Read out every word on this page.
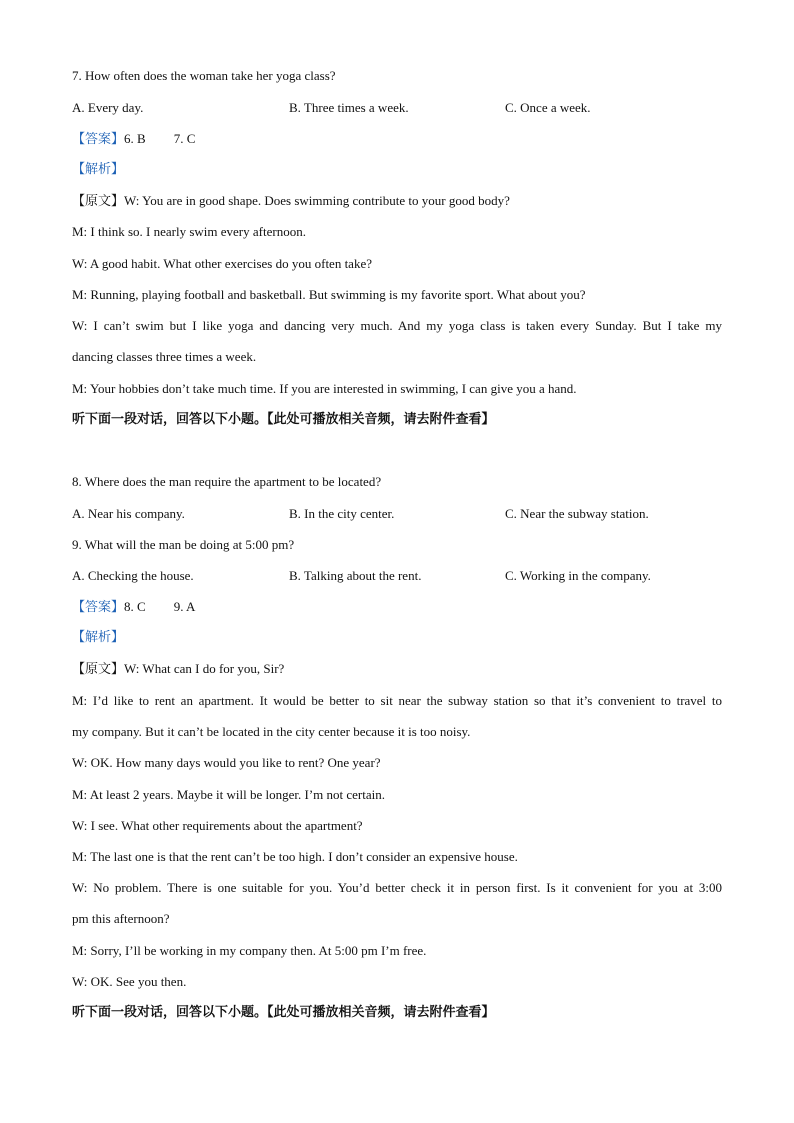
7. How often does the woman take her yoga class?
A. Every day.	B. Three times a week.	C. Once a week.
【答案】6. B 7. C
【解析】
【原文】W: You are in good shape. Does swimming contribute to your good body?
M: I think so. I nearly swim every afternoon.
W: A good habit. What other exercises do you often take?
M: Running, playing football and basketball. But swimming is my favorite sport. What about you?
W: I can’t swim but I like yoga and dancing very much. And my yoga class is taken every Sunday. But I take my
dancing classes three times a week.
M: Your hobbies don’t take much time. If you are interested in swimming, I can give you a hand.
听下面一段对话，回答以下小题。【此处可播放相关音频，请去附件查看】
8. Where does the man require the apartment to be located?
A. Near his company.	B. In the city center.	C. Near the subway station.
9. What will the man be doing at 5:00 pm?
A. Checking the house.	B. Talking about the rent.	C. Working in the company.
【答案】8. C 9. A
【解析】
【原文】W: What can I do for you, Sir?
M: I’d like to rent an apartment. It would be better to sit near the subway station so that it’s convenient to travel to
my company. But it can’t be located in the city center because it is too noisy.
W: OK. How many days would you like to rent? One year?
M: At least 2 years. Maybe it will be longer. I’m not certain.
W: I see. What other requirements about the apartment?
M: The last one is that the rent can’t be too high. I don’t consider an expensive house.
W: No problem. There is one suitable for you. You’d better check it in person first. Is it convenient for you at 3:00
pm this afternoon?
M: Sorry, I’ll be working in my company then. At 5:00 pm I’m free.
W: OK. See you then.
听下面一段对话，回答以下小题。【此处可播放相关音频，请去附件查看】
